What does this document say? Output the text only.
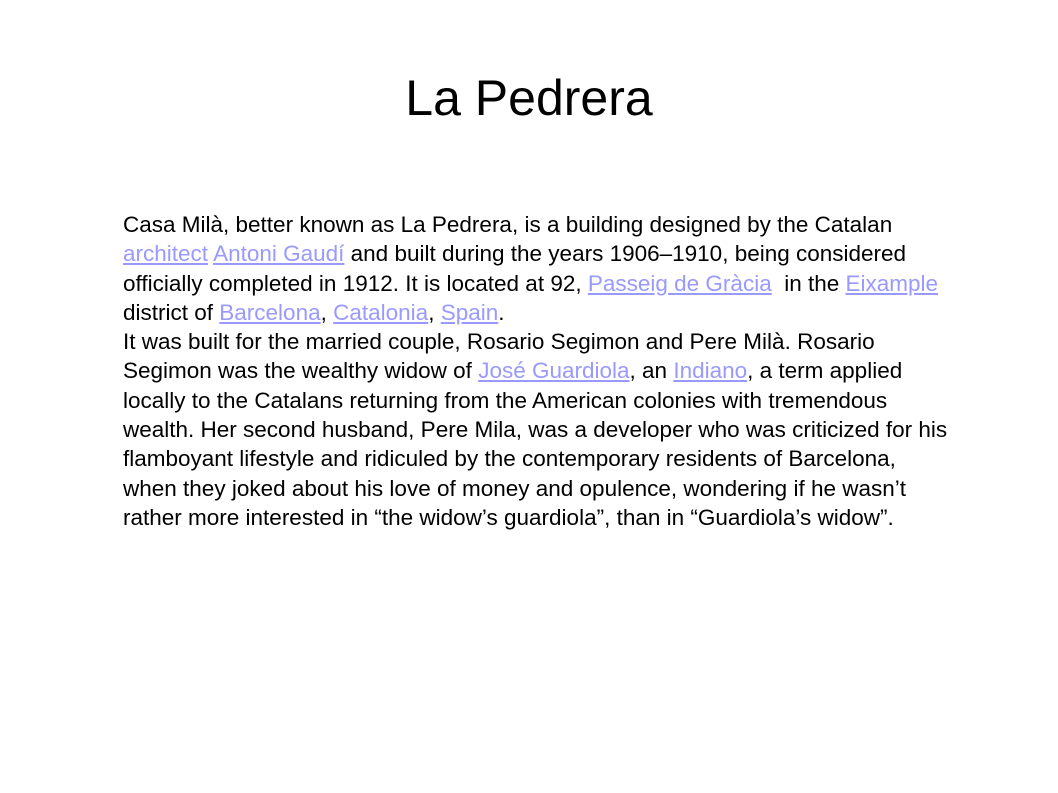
La Pedrera

Casa Milà, better known as La Pedrera, is a building designed by the Catalan architect Antoni Gaudí and built during the years 1906–1910, being considered officially completed in 1912. It is located at 92, Passeig de Gràcia  in the Eixample district of Barcelona, Catalonia, Spain.

It was built for the married couple, Rosario Segimon and Pere Milà. Rosario Segimon was the wealthy widow of José Guardiola, an Indiano, a term applied locally to the Catalans returning from the American colonies with tremendous wealth. Her second husband, Pere Mila, was a developer who was criticized for his flamboyant lifestyle and ridiculed by the contemporary residents of Barcelona, when they joked about his love of money and opulence, wondering if he wasn’t rather more interested in “the widow’s guardiola”, than in “Guardiola’s widow”.
